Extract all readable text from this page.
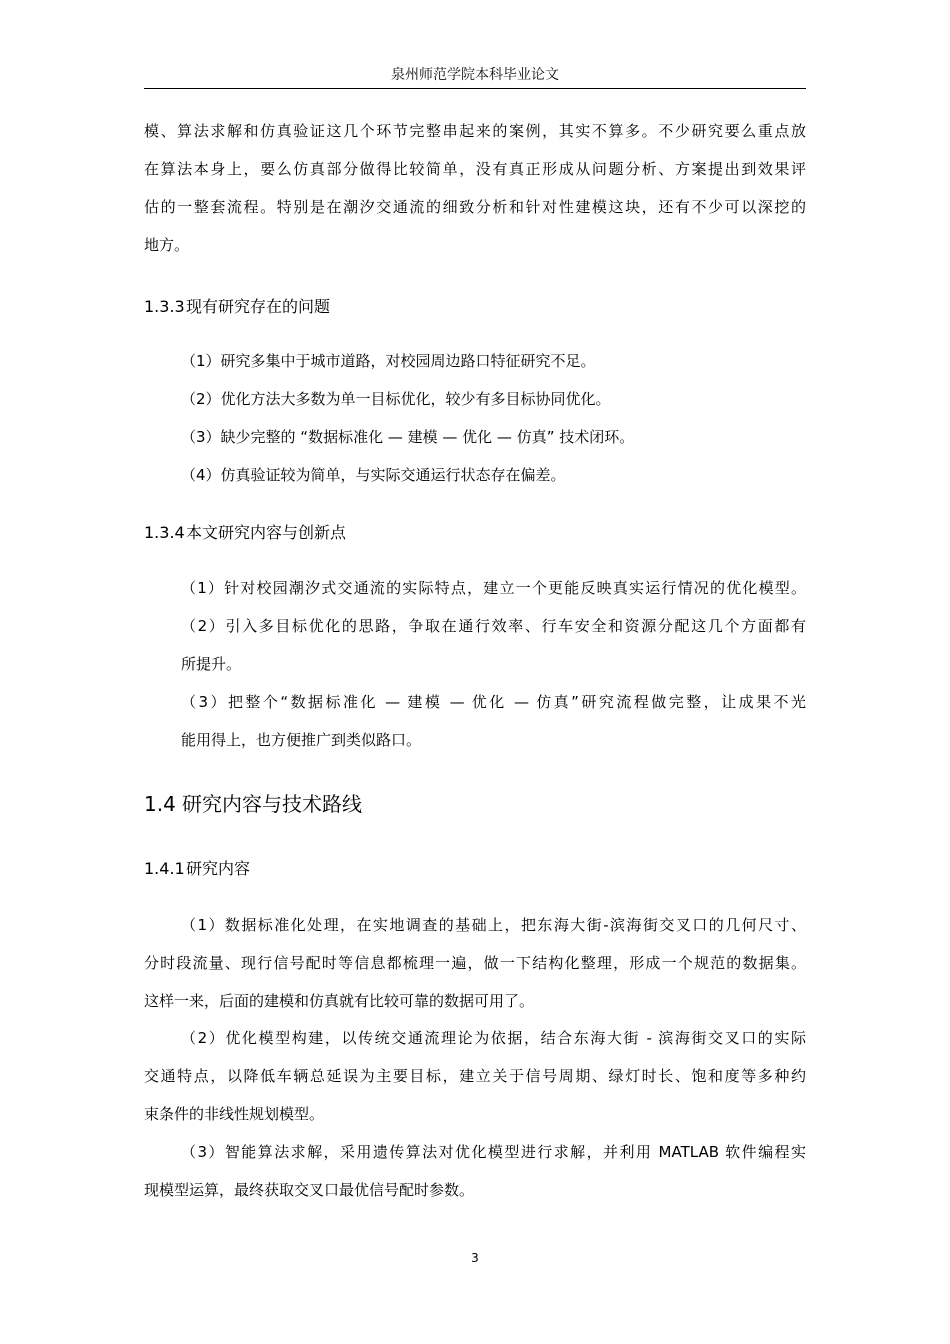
泉州师范学院本科毕业论文

模、算法求解和仿真验证这几个环节完整串起来的案例，其实不算多。不少研究要么重点放

在算法本身上，要么仿真部分做得比较简单，没有真正形成从问题分析、方案提出到效果评

估的一整套流程。特别是在潮汐交通流的细致分析和针对性建模这块，还有不少可以深挖的

地方。

1.3.3现有研究存在的问题

（1）研究多集中于城市道路，对校园周边路口特征研究不足。

（2）优化方法大多数为单一目标优化，较少有多目标协同优化。

（3）缺少完整的 “数据标准化 — 建模 — 优化 — 仿真” 技术闭环。

（4）仿真验证较为简单，与实际交通运行状态存在偏差。

1.3.4本文研究内容与创新点

（1）针对校园潮汐式交通流的实际特点，建立一个更能反映真实运行情况的优化模型。

（2）引入多目标优化的思路，争取在通行效率、行车安全和资源分配这几个方面都有

所提升。

（3）把整个“数据标准化 — 建模 — 优化 — 仿真”研究流程做完整，让成果不光

能用得上，也方便推广到类似路口。

1.4 研究内容与技术路线
1.4.1研究内容

（1）数据标准化处理，在实地调查的基础上，把东海大街-滨海街交叉口的几何尺寸、

分时段流量、现行信号配时等信息都梳理一遍，做一下结构化整理，形成一个规范的数据集。

这样一来，后面的建模和仿真就有比较可靠的数据可用了。

（2）优化模型构建，以传统交通流理论为依据，结合东海大街 - 滨海街交叉口的实际

交通特点，以降低车辆总延误为主要目标，建立关于信号周期、绿灯时长、饱和度等多种约

束条件的非线性规划模型。

（3）智能算法求解，采用遗传算法对优化模型进行求解，并利用 MATLAB 软件编程实

现模型运算，最终获取交叉口最优信号配时参数。

3
